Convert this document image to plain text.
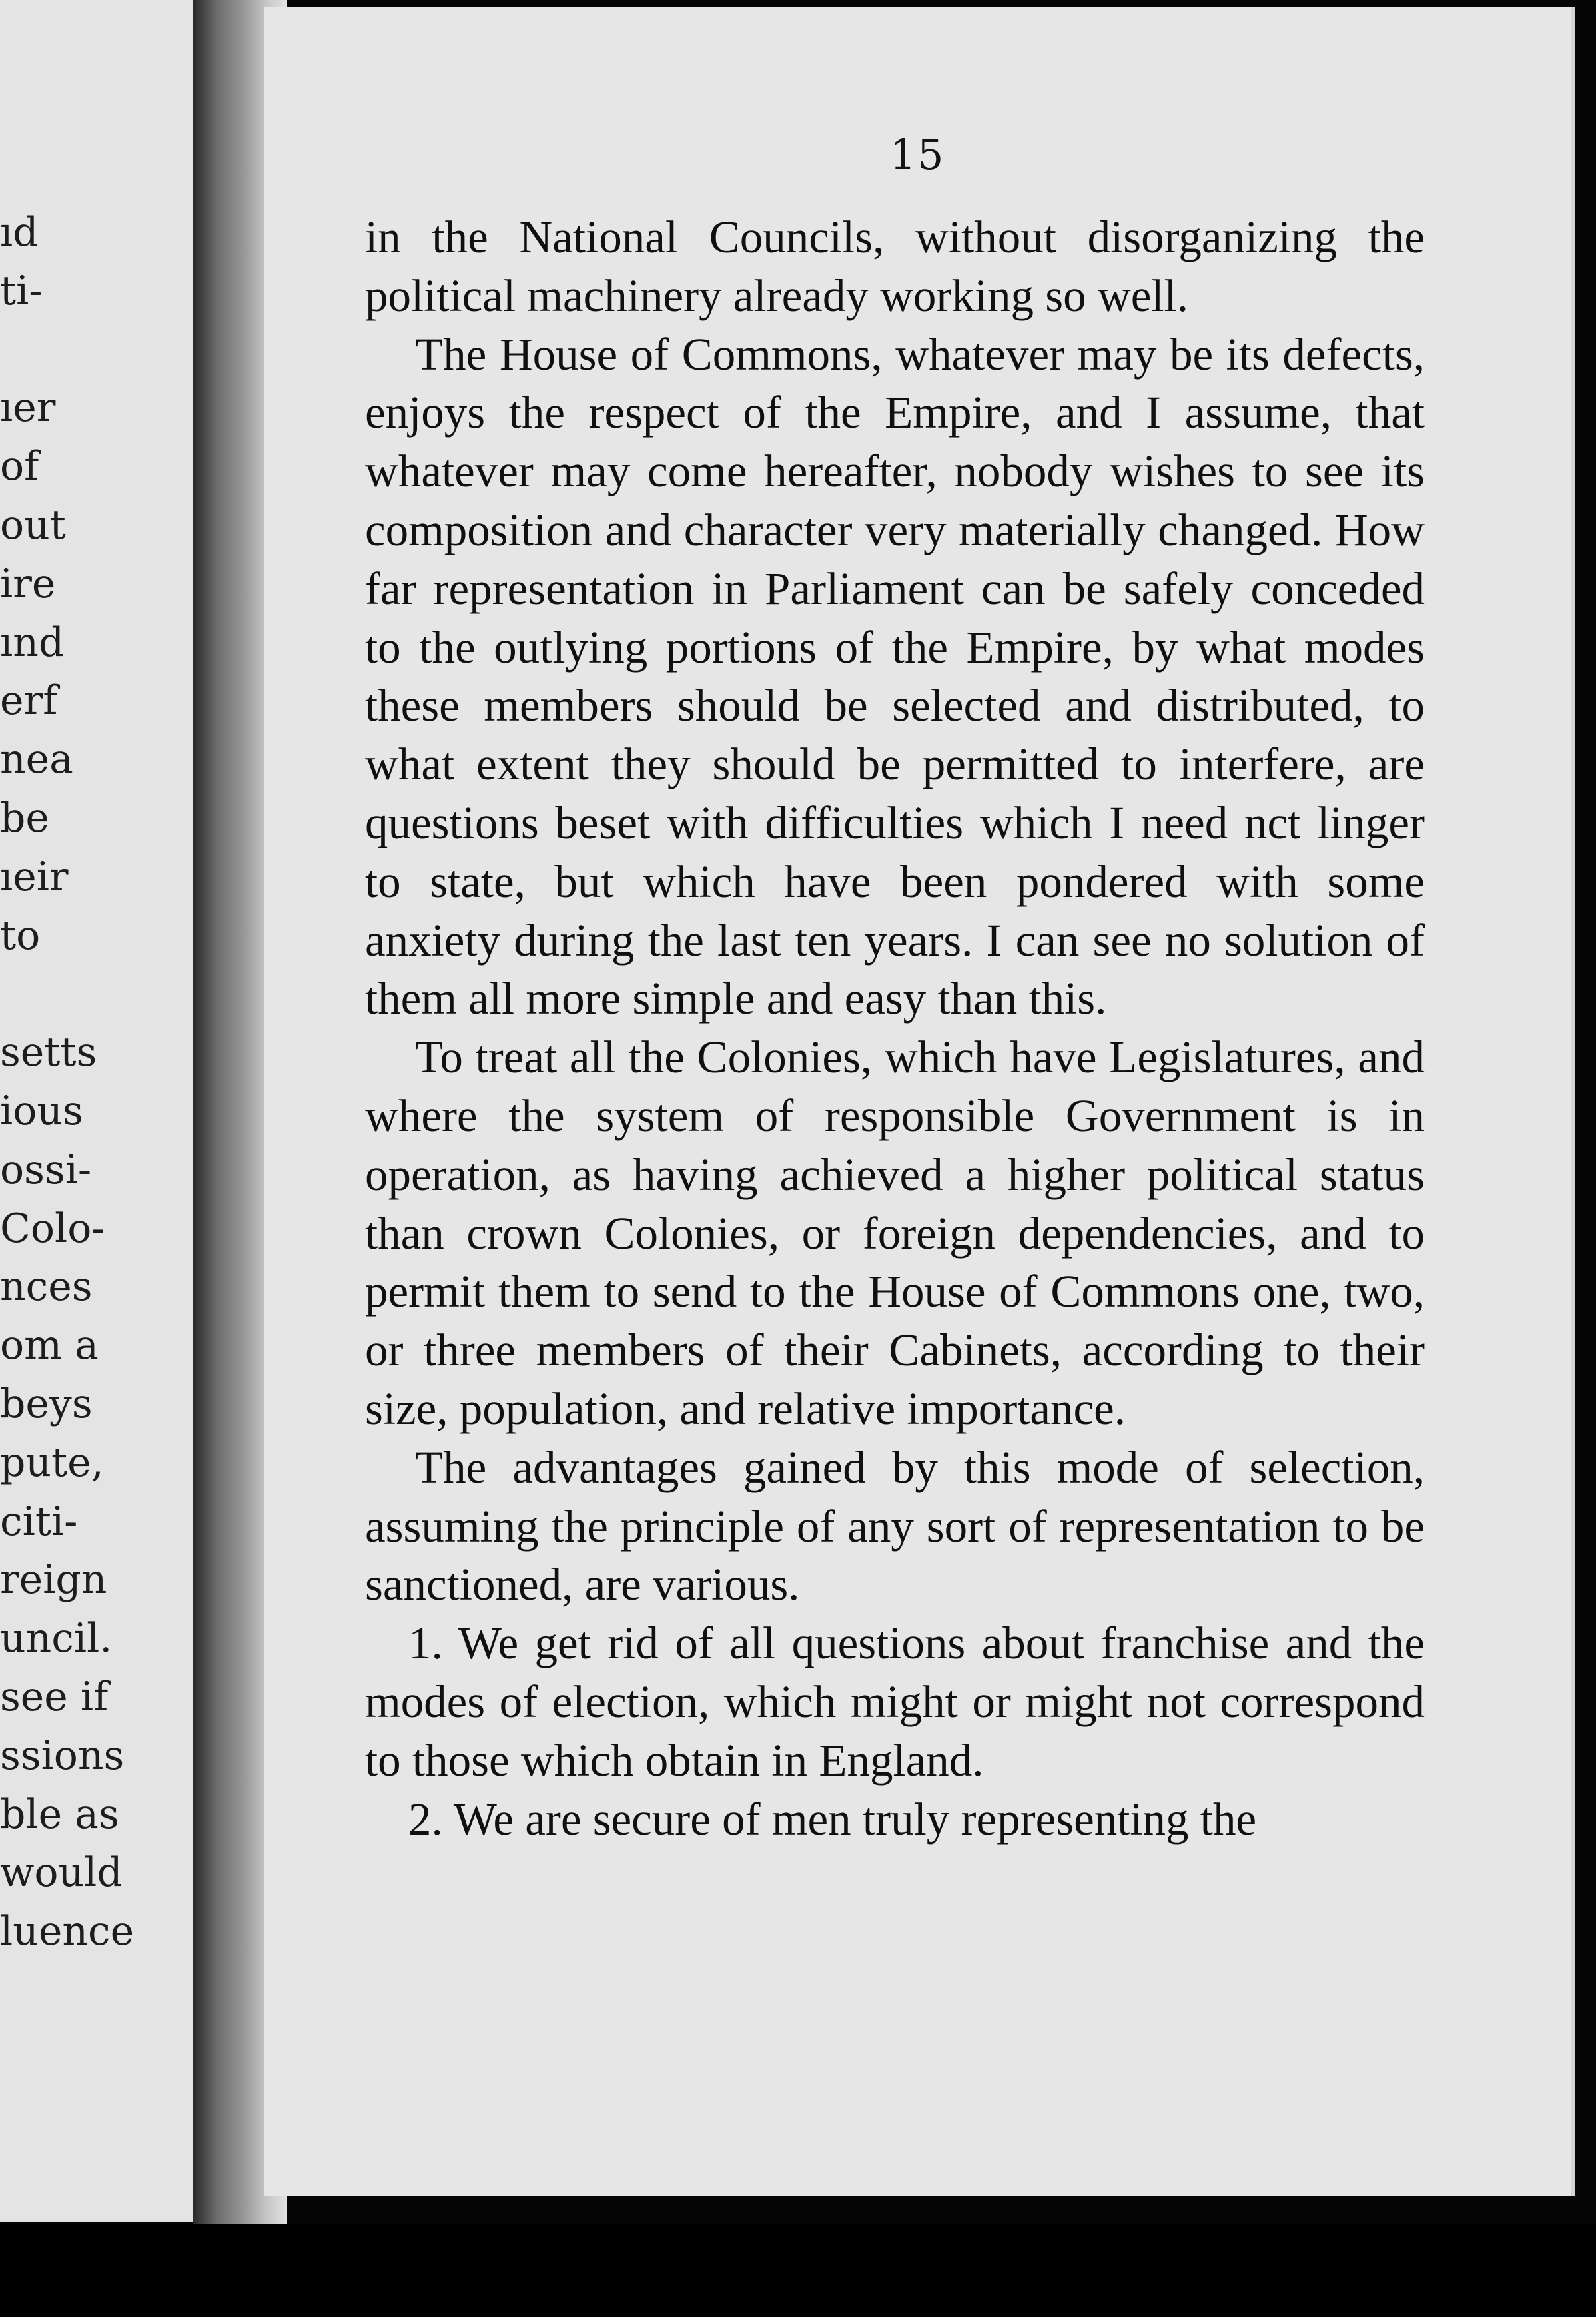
ıd
ti-
ıer
of
out
ire
ınd
erf
nea
be
ıeir
to
setts
ious
ossi-
Colo-
nces
om a
beys
pute,
citi-
reign
uncil.
see if
ssions
ble as
would
luence
15

in the National Councils, without disorganizing the political machinery already working so well.

The House of Commons, whatever may be its defects, enjoys the respect of the Empire, and I assume, that whatever may come hereafter, nobody wishes to see its composition and character very materially changed. How far representation in Parliament can be safely conceded to the outlying portions of the Empire, by what modes these members should be selected and distributed, to what extent they should be permitted to interfere, are questions beset with difficulties which I need nct linger to state, but which have been pondered with some anxiety during the last ten years. I can see no solution of them all more simple and easy than this.

To treat all the Colonies, which have Legislatures, and where the system of responsible Government is in operation, as having achieved a higher political status than crown Colonies, or foreign dependencies, and to permit them to send to the House of Commons one, two, or three members of their Cabinets, according to their size, population, and relative importance.

The advantages gained by this mode of selection, assuming the principle of any sort of representation to be sanctioned, are various.

1. We get rid of all questions about franchise and the modes of election, which might or might not correspond to those which obtain in England.

2. We are secure of men truly representing the
